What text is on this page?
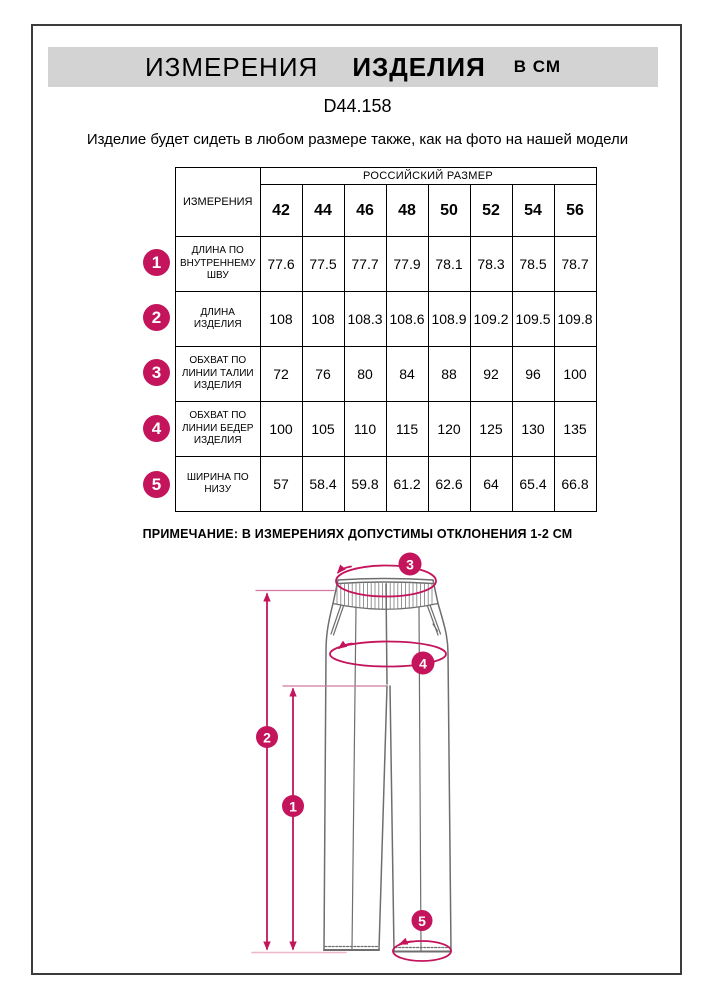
ИЗМЕРЕНИЯ ИЗДЕЛИЯ В СМ
D44.158
Изделие будет сидеть в любом размере также, как на фото на нашей модели
ИЗМЕРЕНИЯ	РОССИЙСКИЙ РАЗМЕР							
	42	44	46	48	50	52	54	56
ДЛИНА ПО ВНУТРЕННЕМУ ШВУ	77.6	77.5	77.7	77.9	78.1	78.3	78.5	78.7
ДЛИНА ИЗДЕЛИЯ	108	108	108.3	108.6	108.9	109.2	109.5	109.8
ОБХВАТ ПО ЛИНИИ ТАЛИИ ИЗДЕЛИЯ	72	76	80	84	88	92	96	100
ОБХВАТ ПО ЛИНИИ БЕДЕР ИЗДЕЛИЯ	100	105	110	115	120	125	130	135
ШИРИНА ПО НИЗУ	57	58.4	59.8	61.2	62.6	64	65.4	66.8
1
2
3
4
5
ПРИМЕЧАНИЕ: В ИЗМЕРЕНИЯХ ДОПУСТИМЫ ОТКЛОНЕНИЯ 1-2 СМ
1
2
3
4
5
